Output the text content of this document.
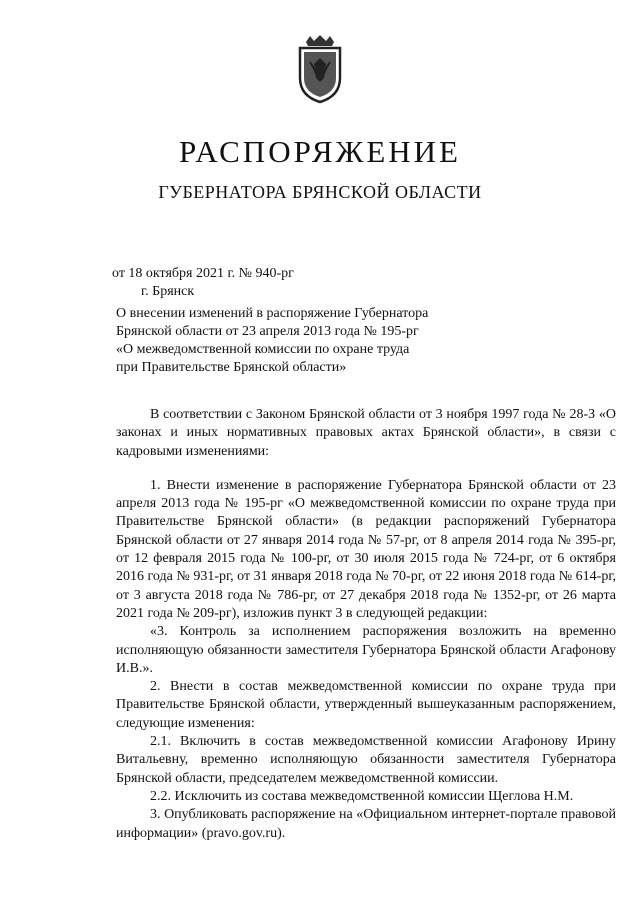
РАСПОРЯЖЕНИЕ
ГУБЕРНАТОРА БРЯНСКОЙ ОБЛАСТИ
от 18 октября 2021 г. № 940-рг
г. Брянск
О внесении изменений в распоряжение Губернатора
Брянской области от 23 апреля 2013 года № 195-рг
«О межведомственной комиссии по охране труда
при Правительстве Брянской области»

В соответствии с Законом Брянской области от 3 ноября 1997 года № 28-З «О законах и иных нормативных правовых актах Брянской области», в связи с кадровыми изменениями:

1. Внести изменение в распоряжение Губернатора Брянской области от 23 апреля 2013 года № 195-рг «О межведомственной комиссии по охране труда при Правительстве Брянской области» (в редакции распоряжений Губернатора Брянской области от 27 января 2014 года № 57-рг, от 8 апреля 2014 года № 395-рг, от 12 февраля 2015 года № 100-рг, от 30 июля 2015 года № 724-рг, от 6 октября 2016 года № 931-рг, от 31 января 2018 года № 70-рг, от 22 июня 2018 года № 614-рг, от 3 августа 2018 года № 786-рг, от 27 декабря 2018 года № 1352-рг, от 26 марта 2021 года № 209-рг), изложив пункт 3 в следующей редакции:

«3. Контроль за исполнением распоряжения возложить на временно исполняющую обязанности заместителя Губернатора Брянской области Агафонову И.В.».

2. Внести в состав межведомственной комиссии по охране труда при Правительстве Брянской области, утвержденный вышеуказанным распоряжением, следующие изменения:

2.1. Включить в состав межведомственной комиссии Агафонову Ирину Витальевну, временно исполняющую обязанности заместителя Губернатора Брянской области, председателем межведомственной комиссии.

2.2. Исключить из состава межведомственной комиссии Щеглова Н.М.

3. Опубликовать распоряжение на «Официальном интернет-портале правовой информации» (pravo.gov.ru).
